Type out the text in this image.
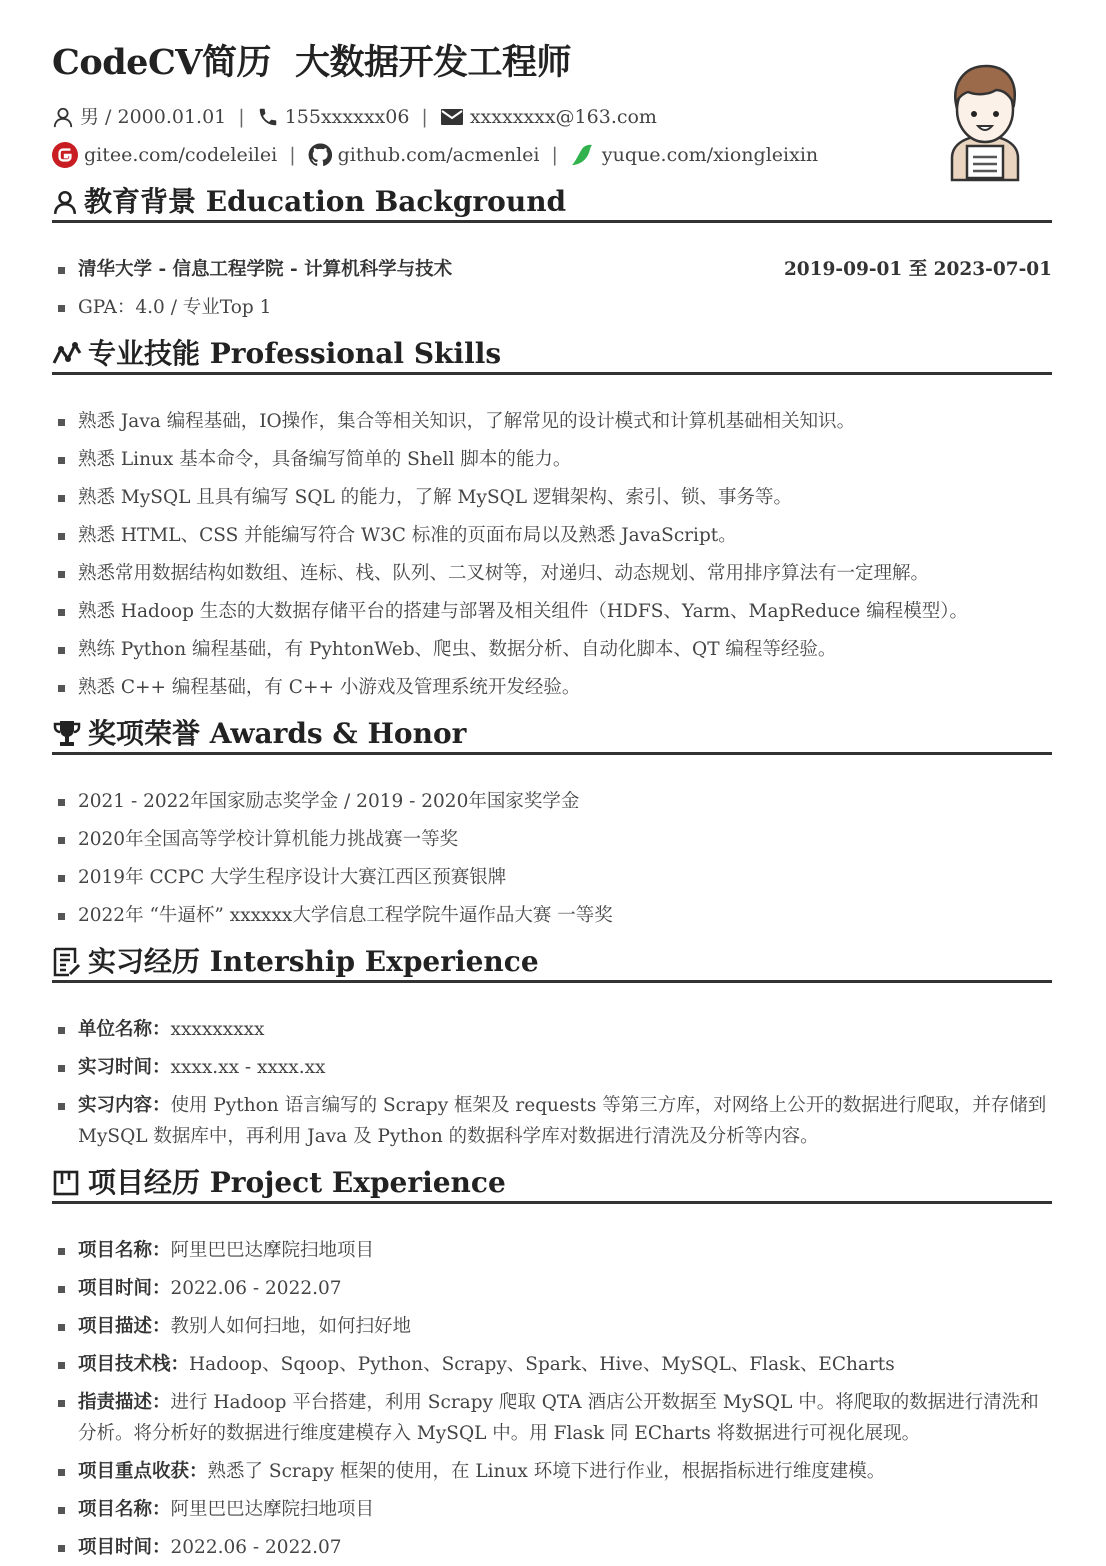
CodeCV简历 大数据开发工程师
男 / 2000.01.01 | 155xxxxxx06 | xxxxxxxx@163.com
gitee.com/codeleilei | github.com/acmenlei | yuque.com/xiongleixin
教育背景 Education Background
清华大学 - 信息工程学院 - 计算机科学与技术	2019-09-01 至 2023-07-01
GPA：4.0 / 专业Top 1
专业技能 Professional Skills
熟悉 Java 编程基础，IO操作，集合等相关知识，了解常见的设计模式和计算机基础相关知识。
熟悉 Linux 基本命令，具备编写简单的 Shell 脚本的能力。
熟悉 MySQL 且具有编写 SQL 的能力，了解 MySQL 逻辑架构、索引、锁、事务等。
熟悉 HTML、CSS 并能编写符合 W3C 标准的页面布局以及熟悉 JavaScript。
熟悉常用数据结构如数组、连标、栈、队列、二叉树等，对递归、动态规划、常用排序算法有一定理解。
熟悉 Hadoop 生态的大数据存储平台的搭建与部署及相关组件（HDFS、Yarm、MapReduce 编程模型）。
熟练 Python 编程基础，有 PyhtonWeb、爬虫、数据分析、自动化脚本、QT 编程等经验。
熟悉 C++ 编程基础，有 C++ 小游戏及管理系统开发经验。
奖项荣誉 Awards & Honor
2021 - 2022年国家励志奖学金 / 2019 - 2020年国家奖学金
2020年全国高等学校计算机能力挑战赛一等奖
2019年 CCPC 大学生程序设计大赛江西区预赛银牌
2022年 “牛逼杯” xxxxxx大学信息工程学院牛逼作品大赛 一等奖
实习经历 Intership Experience
单位名称：xxxxxxxxx
实习时间：xxxx.xx - xxxx.xx
实习内容：使用 Python 语言编写的 Scrapy 框架及 requests 等第三方库，对网络上公开的数据进行爬取，并存储到 MySQL 数据库中，再利用 Java 及 Python 的数据科学库对数据进行清洗及分析等内容。
项目经历 Project Experience
项目名称：阿里巴巴达摩院扫地项目
项目时间：2022.06 - 2022.07
项目描述：教别人如何扫地，如何扫好地
项目技术栈：Hadoop、Sqoop、Python、Scrapy、Spark、Hive、MySQL、Flask、ECharts
指责描述：进行 Hadoop 平台搭建，利用 Scrapy 爬取 QTA 酒店公开数据至 MySQL 中。将爬取的数据进行清洗和分析。将分析好的数据进行维度建模存入 MySQL 中。用 Flask 同 ECharts 将数据进行可视化展现。
项目重点收获：熟悉了 Scrapy 框架的使用，在 Linux 环境下进行作业，根据指标进行维度建模。
项目名称：阿里巴巴达摩院扫地项目
项目时间：2022.06 - 2022.07
